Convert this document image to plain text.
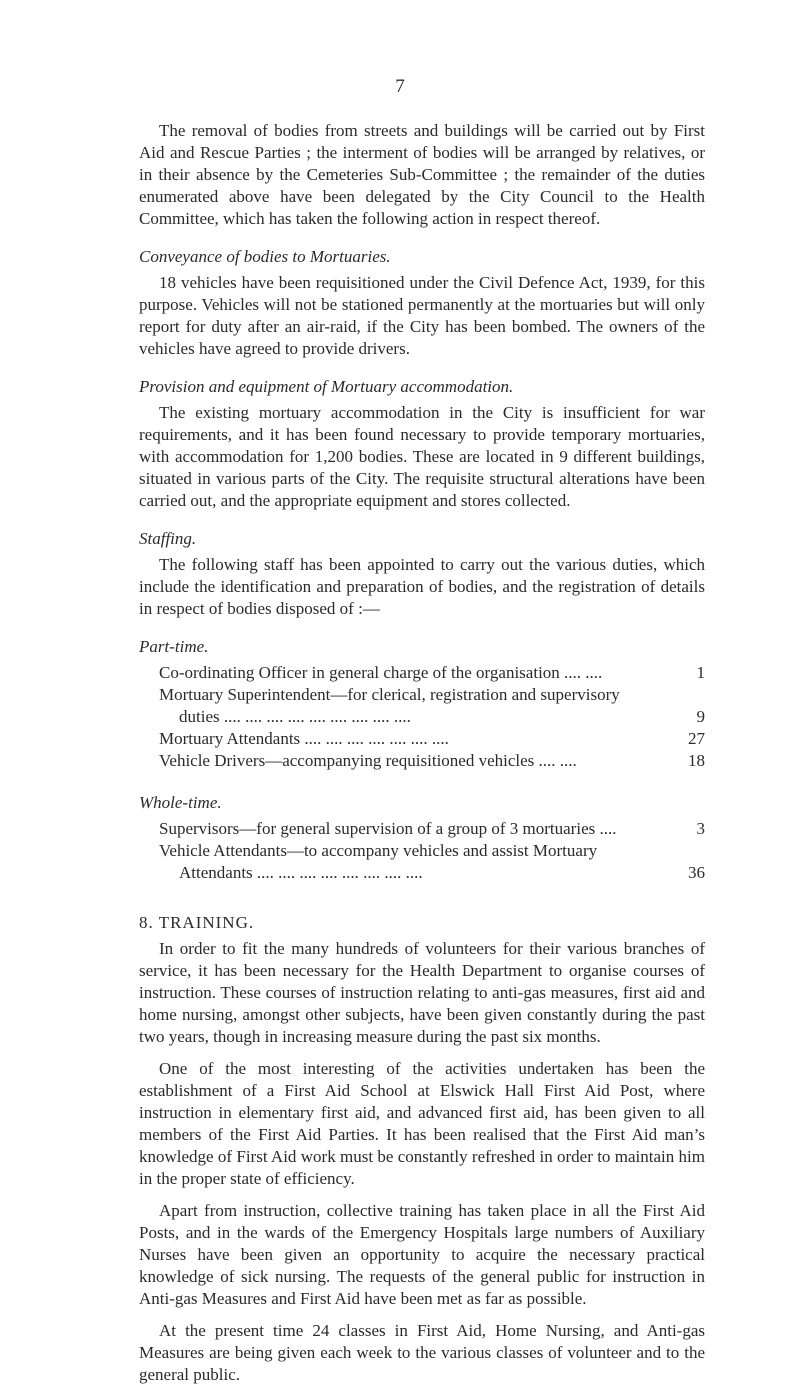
7

The removal of bodies from streets and buildings will be carried out by First Aid and Rescue Parties ; the interment of bodies will be arranged by relatives, or in their absence by the Cemeteries Sub-Committee ; the remainder of the duties enumerated above have been delegated by the City Council to the Health Committee, which has taken the following action in respect thereof.

Conveyance of bodies to Mortuaries.

18 vehicles have been requisitioned under the Civil Defence Act, 1939, for this purpose. Vehicles will not be stationed permanently at the mortuaries but will only report for duty after an air-raid, if the City has been bombed. The owners of the vehicles have agreed to provide drivers.

Provision and equipment of Mortuary accommodation.

The existing mortuary accommodation in the City is insufficient for war requirements, and it has been found necessary to provide temporary mortuaries, with accommodation for 1,200 bodies. These are located in 9 different buildings, situated in various parts of the City. The requisite structural alterations have been carried out, and the appropriate equipment and stores collected.

Staffing.

The following staff has been appointed to carry out the various duties, which include the identification and preparation of bodies, and the registration of details in respect of bodies disposed of :—

Part-time.

Co-ordinating Officer in general charge of the organisation .... ....	1
Mortuary Superintendent—for clerical, registration and supervisory
duties .... .... .... .... .... .... .... .... ....	9
Mortuary Attendants .... .... .... .... .... .... ....	27
Vehicle Drivers—accompanying requisitioned vehicles .... ....	18

Whole-time.

Supervisors—for general supervision of a group of 3 mortuaries ....	3
Vehicle Attendants—to accompany vehicles and assist Mortuary
Attendants .... .... .... .... .... .... .... ....	36

8. TRAINING.

In order to fit the many hundreds of volunteers for their various branches of service, it has been necessary for the Health Department to organise courses of instruction. These courses of instruction relating to anti-gas measures, first aid and home nursing, amongst other subjects, have been given constantly during the past two years, though in increasing measure during the past six months.

One of the most interesting of the activities undertaken has been the establishment of a First Aid School at Elswick Hall First Aid Post, where instruction in elementary first aid, and advanced first aid, has been given to all members of the First Aid Parties. It has been realised that the First Aid man’s knowledge of First Aid work must be constantly refreshed in order to maintain him in the proper state of efficiency.

Apart from instruction, collective training has taken place in all the First Aid Posts, and in the wards of the Emergency Hospitals large numbers of Auxiliary Nurses have been given an opportunity to acquire the necessary practical knowledge of sick nursing. The requests of the general public for instruction in Anti-gas Measures and First Aid have been met as far as possible.

At the present time 24 classes in First Aid, Home Nursing, and Anti-gas Measures are being given each week to the various classes of volunteer and to the general public.
